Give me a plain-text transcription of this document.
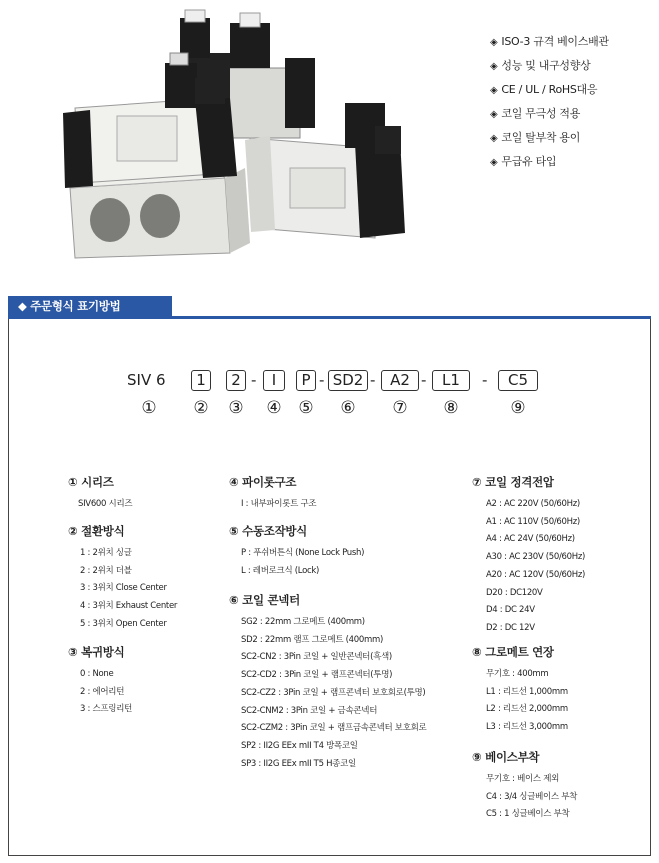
◈ ISO-3 규격 베이스배관
◈ 성능 및 내구성향상
◈ CE / UL / RoHS대응
◈ 코일 무극성 적용
◈ 코일 탈부착 용이
◈ 무급유 타입
◆ 주문형식 표기방법
SIV 6	1	2 -	I	P - SD2 - A2 -	L1	-	C5
① ② ③ ④ ⑤ ⑥ ⑦ ⑧	⑨
① 시리즈
SIV600 시리즈
② 절환방식
1 : 2위치 싱글
2 : 2위치 더블
3 : 3위치 Close Center
4 : 3위치 Exhaust Center
5 : 3위치 Open Center
③ 복귀방식
0 : None
2 : 에어리턴
3 : 스프링리턴
④ 파이롯구조
I : 내부파이롯트 구조
⑤ 수동조작방식
P : 푸쉬버튼식 (None Lock Push)
L : 레버로크식 (Lock)
⑥ 코일 콘넥터
SG2 : 22mm 그로메트 (400mm)
SD2 : 22mm 램프 그로메트 (400mm)
SC2-CN2 : 3Pin 코일 + 일반콘넥터(흑색)
SC2-CD2 : 3Pin 코일 + 램프콘넥터(투명)
SC2-CZ2 : 3Pin 코일 + 램프콘넥터 보호회로(투명)
SC2-CNM2 : 3Pin 코일 + 금속콘넥터
SC2-CZM2 : 3Pin 코일 + 램프금속콘넥터 보호회로
SP2 : II2G EEx mII T4 방폭코일
SP3 : II2G EEx mII T5 H종코일
⑦ 코일 정격전압
A2 : AC 220V (50/60Hz)
A1 : AC 110V (50/60Hz)
A4 : AC 24V (50/60Hz)
A30 : AC 230V (50/60Hz)
A20 : AC 120V (50/60Hz)
D20 : DC120V
D4 : DC 24V
D2 : DC 12V
⑧ 그로메트 연장
무기호 : 400mm
L1 : 리드선 1,000mm
L2 : 리드선 2,000mm
L3 : 리드선 3,000mm
⑨ 베이스부착
무기호 : 베이스 제외
C4 : 3/4 싱글베이스 부착
C5 : 1 싱글베이스 부착
